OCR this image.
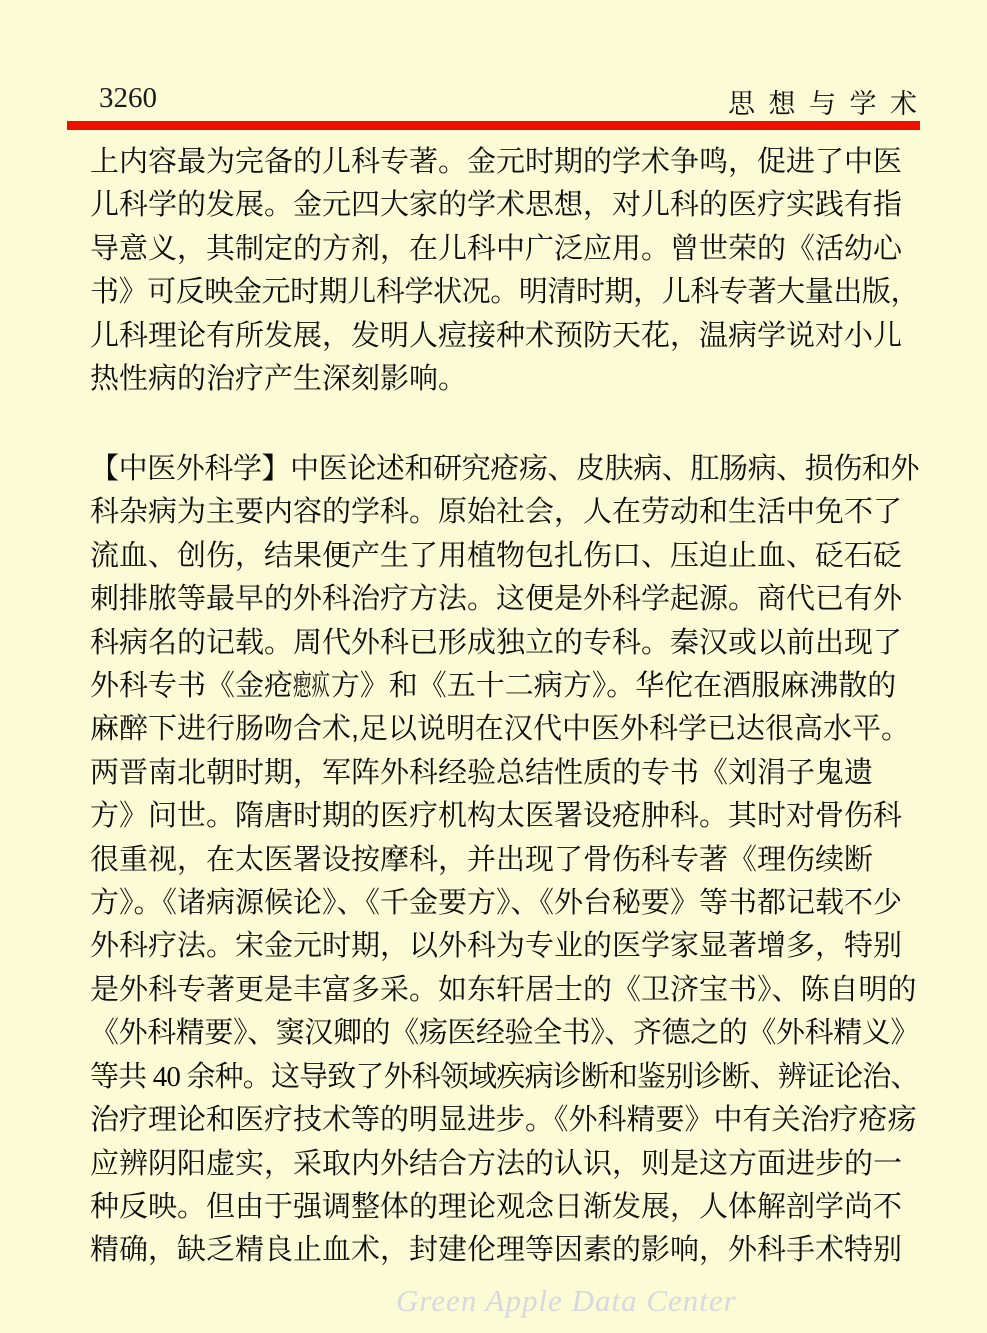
3260	思 想 与 学 术
上内容最为完备的儿科专著。金元时期的学术争鸣，促进了中医
儿科学的发展。金元四大家的学术思想，对儿科的医疗实践有指
导意义，其制定的方剂，在儿科中广泛应用。曾世荣的《活幼心
书》可反映金元时期儿科学状况。明清时期，儿科专著大量出版，
儿科理论有所发展，发明人痘接种术预防天花，温病学说对小儿
热性病的治疗产生深刻影响。
【中医外科学】中医论述和研究疮疡、皮肤病、肛肠病、损伤和外
科杂病为主要内容的学科。原始社会，人在劳动和生活中免不了
流血、创伤，结果便产生了用植物包扎伤口、压迫止血、砭石砭
刺排脓等最早的外科治疗方法。这便是外科学起源。商代已有外
科病名的记载。周代外科已形成独立的专科。秦汉或以前出现了
外科专书《金疮瘛疭方》和《五十二病方》。华佗在酒服麻沸散的
麻醉下进行肠吻合术,足以说明在汉代中医外科学已达很高水平。
两晋南北朝时期，军阵外科经验总结性质的专书《刘涓子鬼遗
方》问世。隋唐时期的医疗机构太医署设疮肿科。其时对骨伤科
很重视，在太医署设按摩科，并出现了骨伤科专著《理伤续断
方》。《诸病源候论》、《千金要方》、《外台秘要》等书都记载不少
外科疗法。宋金元时期，以外科为专业的医学家显著增多，特别
是外科专著更是丰富多采。如东轩居士的《卫济宝书》、陈自明的
《外科精要》、窦汉卿的《疡医经验全书》、齐德之的《外科精义》
等共 40 余种。这导致了外科领域疾病诊断和鉴别诊断、辨证论治、
治疗理论和医疗技术等的明显进步。《外科精要》中有关治疗疮疡
应辨阴阳虚实，采取内外结合方法的认识，则是这方面进步的一
种反映。但由于强调整体的理论观念日渐发展，人体解剖学尚不
精确，缺乏精良止血术，封建伦理等因素的影响，外科手术特别
Green Apple Data Center
